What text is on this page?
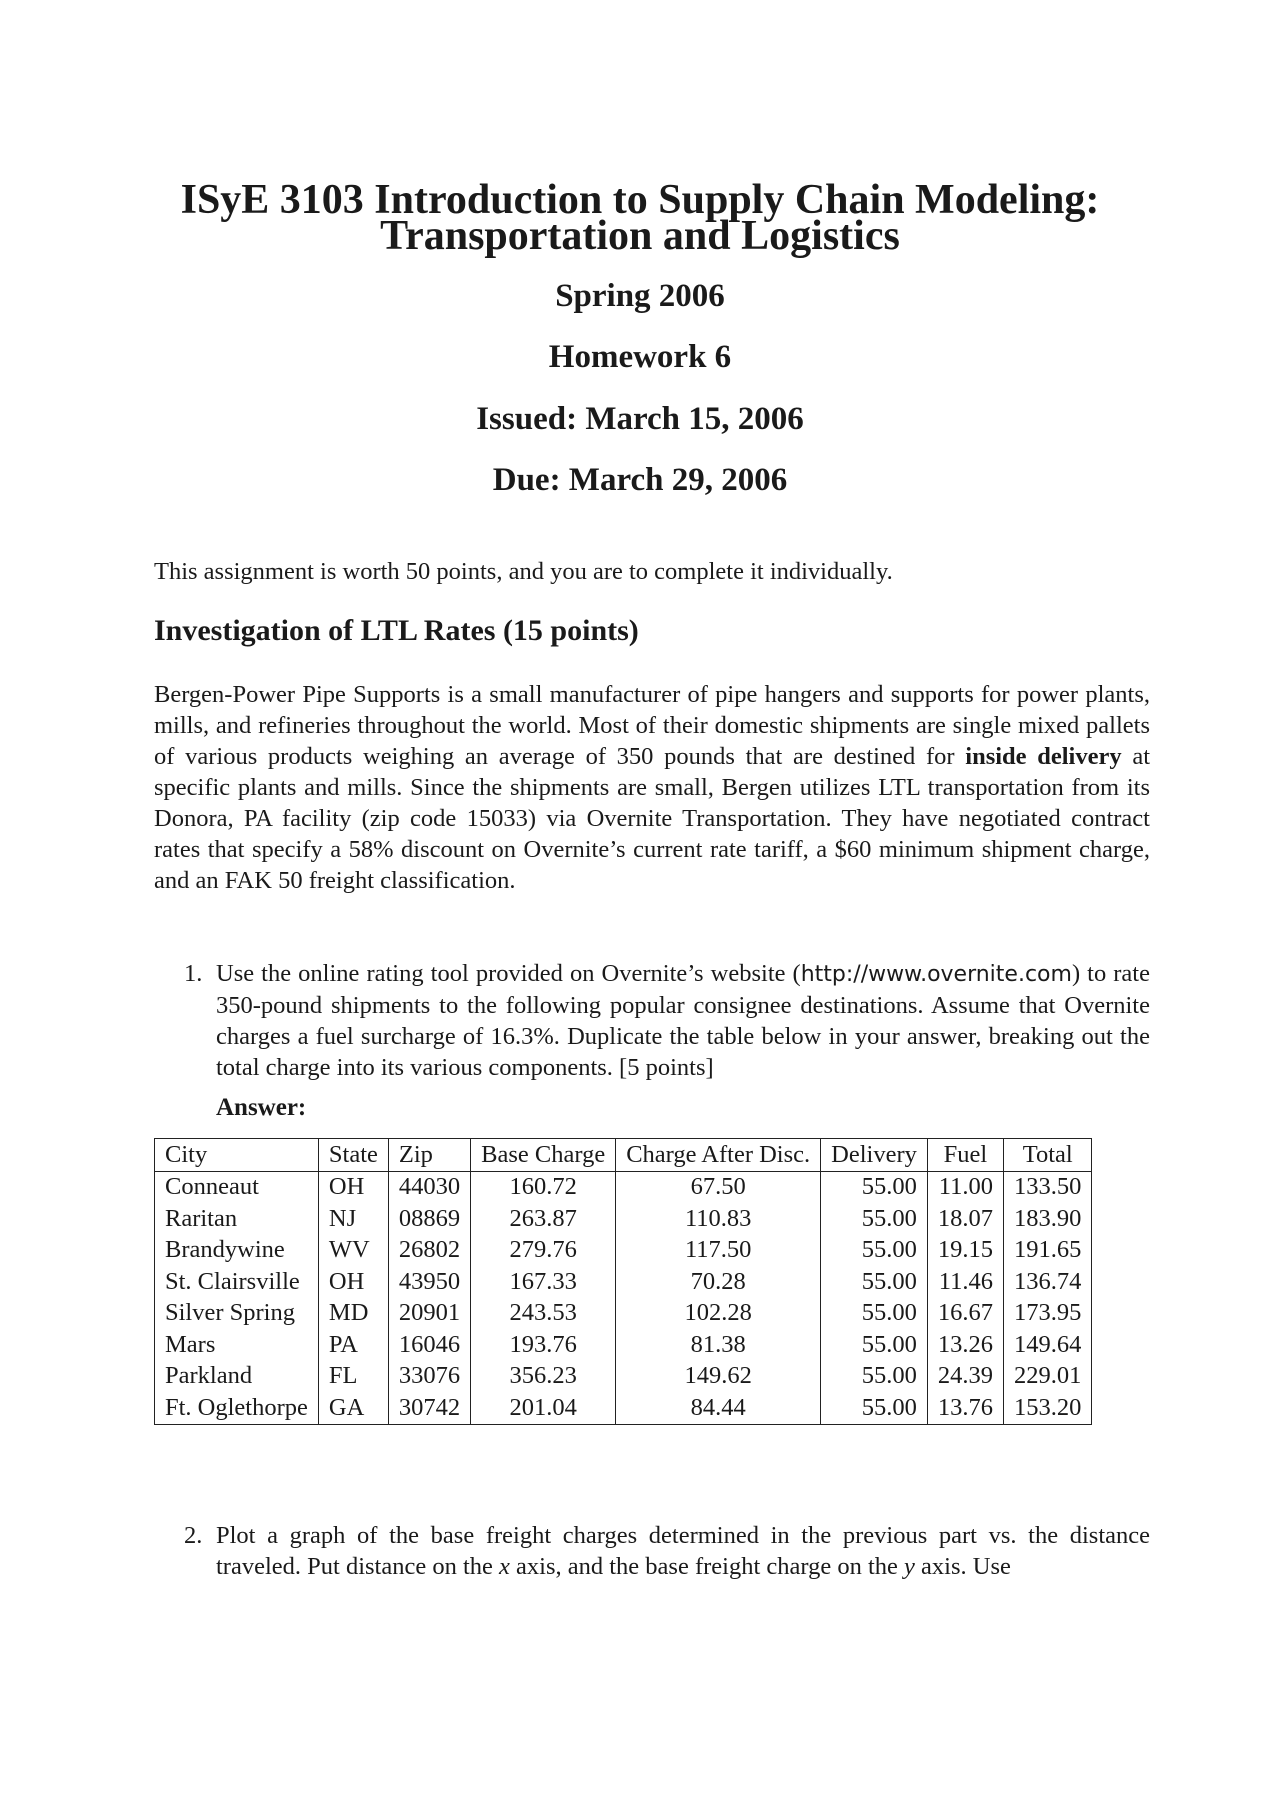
ISyE 3103 Introduction to Supply Chain Modeling:
Transportation and Logistics
Spring 2006
Homework 6
Issued: March 15, 2006
Due: March 29, 2006
This assignment is worth 50 points, and you are to complete it individually.
Investigation of LTL Rates (15 points)
Bergen-Power Pipe Supports is a small manufacturer of pipe hangers and supports for power plants, mills, and refineries throughout the world. Most of their domestic shipments are single mixed pallets of various products weighing an average of 350 pounds that are destined for inside delivery at specific plants and mills. Since the shipments are small, Bergen utilizes LTL transportation from its Donora, PA facility (zip code 15033) via Overnite Transportation. They have negotiated contract rates that specify a 58% discount on Overnite’s current rate tariff, a $60 minimum shipment charge, and an FAK 50 freight classification.
1. Use the online rating tool provided on Overnite’s website (http://www.overnite.com) to rate 350-pound shipments to the following popular consignee destinations. Assume that Overnite charges a fuel surcharge of 16.3%. Duplicate the table below in your answer, breaking out the total charge into its various components. [5 points]
Answer:
City	State	Zip	Base Charge	Charge After Disc.	Delivery	Fuel	Total
Conneaut	OH	44030	160.72	67.50	55.00	11.00	133.50
Raritan	NJ	08869	263.87	110.83	55.00	18.07	183.90
Brandywine	WV	26802	279.76	117.50	55.00	19.15	191.65
St. Clairsville	OH	43950	167.33	70.28	55.00	11.46	136.74
Silver Spring	MD	20901	243.53	102.28	55.00	16.67	173.95
Mars	PA	16046	193.76	81.38	55.00	13.26	149.64
Parkland	FL	33076	356.23	149.62	55.00	24.39	229.01
Ft. Oglethorpe	GA	30742	201.04	84.44	55.00	13.76	153.20
2. Plot a graph of the base freight charges determined in the previous part vs. the distance traveled. Put distance on the x axis, and the base freight charge on the y axis. Use
